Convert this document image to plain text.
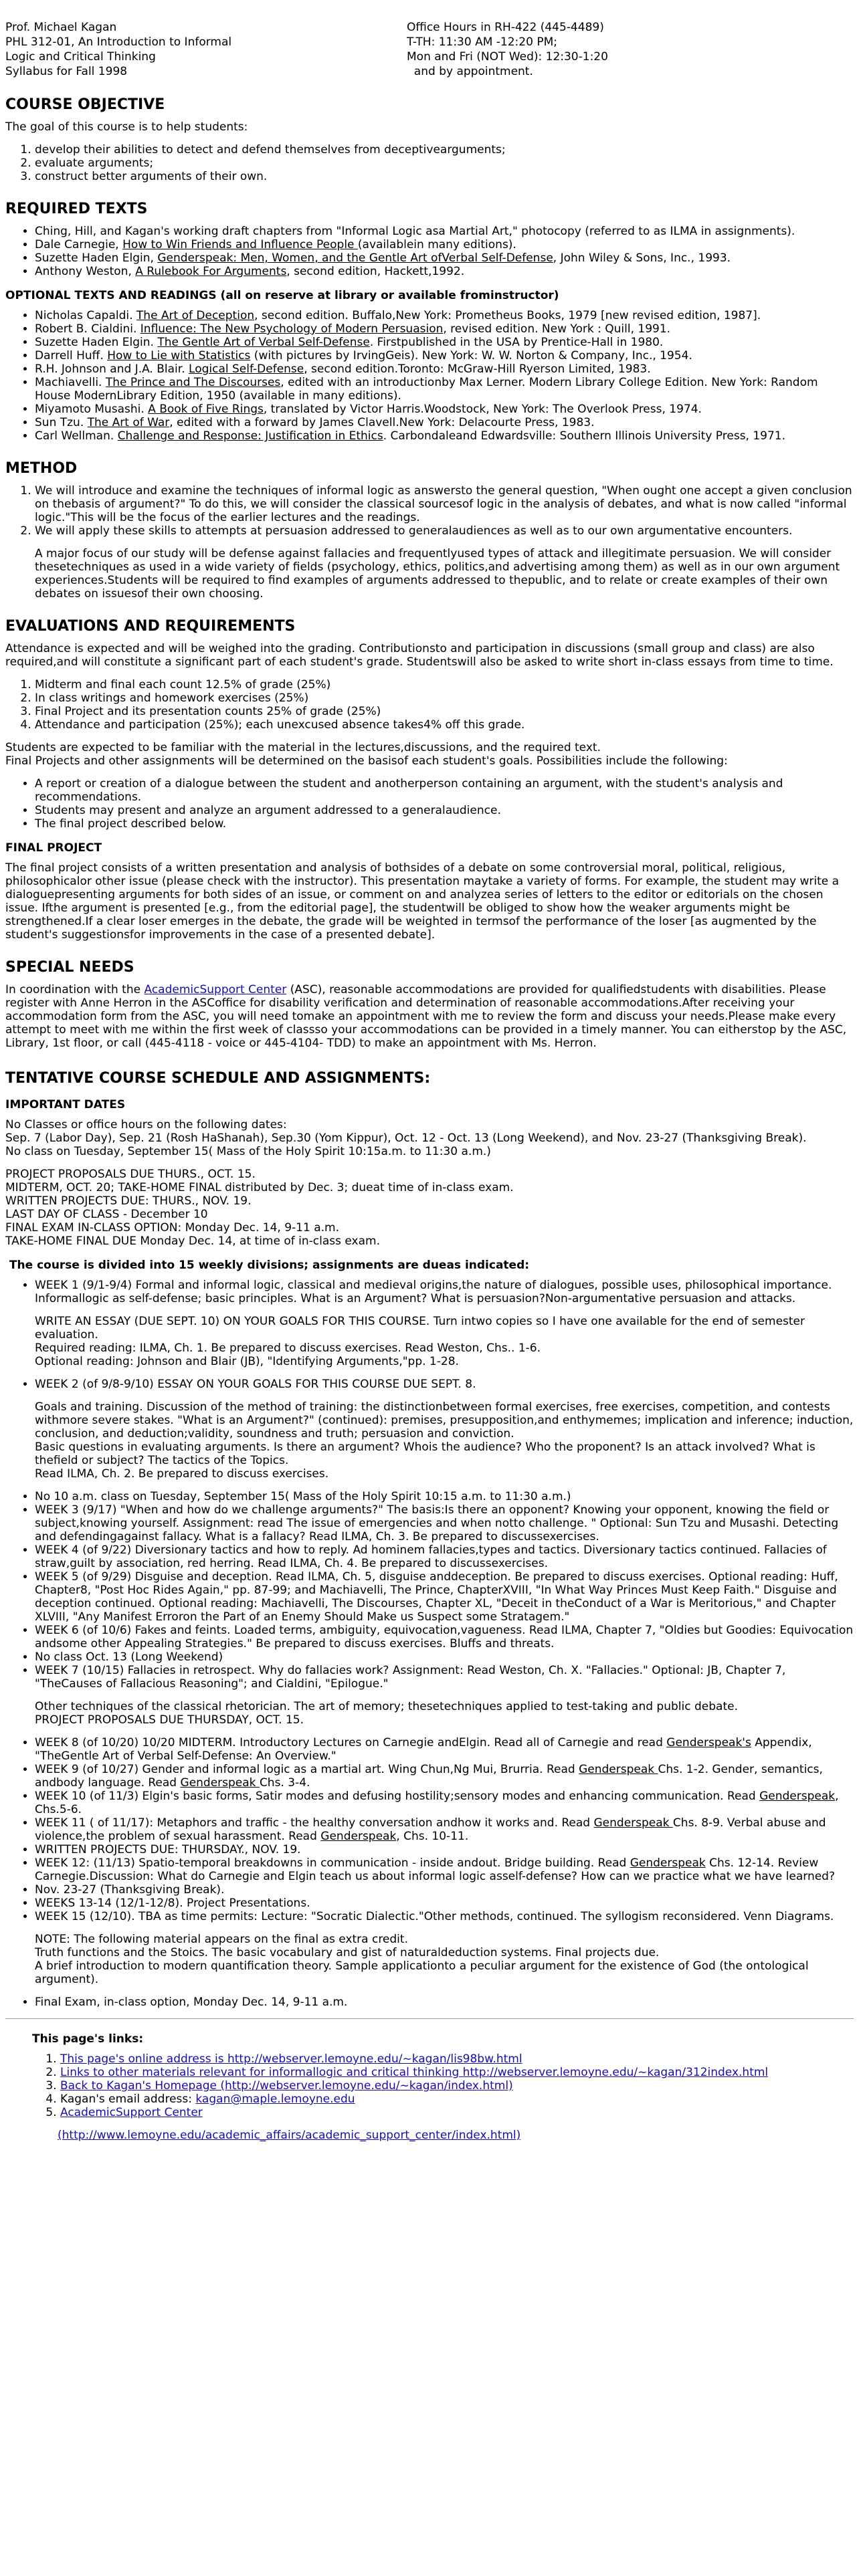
Prof. Michael Kagan
PHL 312-01, An Introduction to Informal
Logic and Critical Thinking
Syllabus for Fall 1998
Office Hours in RH-422 (445-4489)
T-TH: 11:30 AM -12:20 PM;
Mon and Fri (NOT Wed): 12:30-1:20
and by appointment.
COURSE OBJECTIVE

The goal of this course is to help students:

1. develop their abilities to detect and defend themselves from deceptivearguments;
2. evaluate arguments;
3. construct better arguments of their own.
REQUIRED TEXTS
• Ching, Hill, and Kagan's working draft chapters from "Informal Logic asa Martial Art," photocopy (referred to as ILMA in assignments).
• Dale Carnegie, How to Win Friends and Influence People (availablein many editions).
• Suzette Haden Elgin, Genderspeak: Men, Women, and the Gentle Art ofVerbal Self-Defense, John Wiley & Sons, Inc., 1993.
• Anthony Weston, A Rulebook For Arguments, second edition, Hackett,1992.
OPTIONAL TEXTS AND READINGS (all on reserve at library or available frominstructor)
• Nicholas Capaldi. The Art of Deception, second edition. Buffalo,New York: Prometheus Books, 1979 [new revised edition, 1987].
• Robert B. Cialdini. Influence: The New Psychology of Modern Persuasion, revised edition. New York : Quill, 1991.
• Suzette Haden Elgin. The Gentle Art of Verbal Self-Defense. Firstpublished in the USA by Prentice-Hall in 1980.
• Darrell Huff. How to Lie with Statistics (with pictures by IrvingGeis). New York: W. W. Norton & Company, Inc., 1954.
• R.H. Johnson and J.A. Blair. Logical Self-Defense, second edition.Toronto: McGraw-Hill Ryerson Limited, 1983.
• Machiavelli. The Prince and The Discourses, edited with an introductionby Max Lerner. Modern Library College Edition. New York: Random House ModernLibrary Edition, 1950 (available in many editions).
• Miyamoto Musashi. A Book of Five Rings, translated by Victor Harris.Woodstock, New York: The Overlook Press, 1974.
• Sun Tzu. The Art of War, edited with a forward by James Clavell.New York: Delacourte Press, 1983.
• Carl Wellman. Challenge and Response: Justification in Ethics. Carbondaleand Edwardsville: Southern Illinois University Press, 1971.
METHOD
1. We will introduce and examine the techniques of informal logic as answersto the general question, "When ought one accept a given conclusion on thebasis of argument?" To do this, we will consider the classical sourcesof logic in the analysis of debates, and what is now called "informal logic."This will be the focus of the earlier lectures and the readings.
2. We will apply these skills to attempts at persuasion addressed to generalaudiences as well as to our own argumentative encounters.

A major focus of our study will be defense against fallacies and frequentlyused types of attack and illegitimate persuasion. We will consider thesetechniques as used in a wide variety of fields (psychology, ethics, politics,and advertising among them) as well as in our own argument experiences.Students will be required to find examples of arguments addressed to thepublic, and to relate or create examples of their own debates on issuesof their own choosing.

EVALUATIONS AND REQUIREMENTS

Attendance is expected and will be weighed into the grading. Contributionsto and participation in discussions (small group and class) are also required,and will constitute a significant part of each student's grade. Studentswill also be asked to write short in-class essays from time to time.

1. Midterm and final each count 12.5% of grade (25%)
2. In class writings and homework exercises (25%)
3. Final Project and its presentation counts 25% of grade (25%)
4. Attendance and participation (25%); each unexcused absence takes4% off this grade.

Students are expected to be familiar with the material in the lectures,discussions, and the required text.
Final Projects and other assignments will be determined on the basisof each student's goals. Possibilities include the following:

• A report or creation of a dialogue between the student and anotherperson containing an argument, with the student's analysis and recommendations.
• Students may present and analyze an argument addressed to a generalaudience.
• The final project described below.
FINAL PROJECT

The final project consists of a written presentation and analysis of bothsides of a debate on some controversial moral, political, religious, philosophicalor other issue (please check with the instructor). This presentation maytake a variety of forms. For example, the student may write a dialoguepresenting arguments for both sides of an issue, or comment on and analyzea series of letters to the editor or editorials on the chosen issue. Ifthe argument is presented [e.g., from the editorial page], the studentwill be obliged to show how the weaker arguments might be strengthened.If a clear loser emerges in the debate, the grade will be weighted in termsof the performance of the loser [as augmented by the student's suggestionsfor improvements in the case of a presented debate].

SPECIAL NEEDS

In coordination with the AcademicSupport Center (ASC), reasonable accommodations are provided for qualifiedstudents with disabilities. Please register with Anne Herron in the ASCoffice for disability verification and determination of reasonable accommodations.After receiving your accommodation form from the ASC, you will need tomake an appointment with me to review the form and discuss your needs.Please make every attempt to meet with me within the first week of classso your accommodations can be provided in a timely manner. You can eitherstop by the ASC, Library, 1st floor, or call (445-4118 - voice or 445-4104- TDD) to make an appointment with Ms. Herron.

TENTATIVE COURSE SCHEDULE AND ASSIGNMENTS:
IMPORTANT DATES

No Classes or office hours on the following dates:
Sep. 7 (Labor Day), Sep. 21 (Rosh HaShanah), Sep.30 (Yom Kippur), Oct. 12 - Oct. 13 (Long Weekend), and Nov. 23-27 (Thanksgiving Break).
No class on Tuesday, September 15( Mass of the Holy Spirit 10:15a.m. to 11:30 a.m.)

PROJECT PROPOSALS DUE THURS., OCT. 15.
MIDTERM, OCT. 20; TAKE-HOME FINAL distributed by Dec. 3; dueat time of in-class exam.
WRITTEN PROJECTS DUE: THURS., NOV. 19.
LAST DAY OF CLASS - December 10
FINAL EXAM IN-CLASS OPTION: Monday Dec. 14, 9-11 a.m.
TAKE-HOME FINAL DUE Monday Dec. 14, at time of in-class exam.

The course is divided into 15 weekly divisions; assignments are dueas indicated:
• WEEK 1 (9/1-9/4) Formal and informal logic, classical and medieval origins,the nature of dialogues, possible uses, philosophical importance. Informallogic as self-defense; basic principles. What is an Argument? What is persuasion?Non-argumentative persuasion and attacks.
WRITE AN ESSAY (DUE SEPT. 10) ON YOUR GOALS FOR THIS COURSE. Turn intwo copies so I have one available for the end of semester evaluation.
Required reading: ILMA, Ch. 1. Be prepared to discuss exercises. Read Weston, Chs.. 1-6.
Optional reading: Johnson and Blair (JB), "Identifying Arguments,"pp. 1-28.
• WEEK 2 (of 9/8-9/10) ESSAY ON YOUR GOALS FOR THIS COURSE DUE SEPT. 8.
Goals and training. Discussion of the method of training: the distinctionbetween formal exercises, free exercises, competition, and contests withmore severe stakes. "What is an Argument?" (continued): premises, presupposition,and enthymemes; implication and inference; induction, conclusion, and deduction;validity, soundness and truth; persuasion and conviction.
Basic questions in evaluating arguments. Is there an argument? Whois the audience? Who the proponent? Is an attack involved? What is thefield or subject? The tactics of the Topics.
Read ILMA, Ch. 2. Be prepared to discuss exercises.
• No 10 a.m. class on Tuesday, September 15( Mass of the Holy Spirit 10:15 a.m. to 11:30 a.m.)
• WEEK 3 (9/17) "When and how do we challenge arguments?" The basis:Is there an opponent? Knowing your opponent, knowing the field or subject,knowing yourself. Assignment: read The issue of emergencies and when notto challenge. " Optional: Sun Tzu and Musashi. Detecting and defendingagainst fallacy. What is a fallacy? Read ILMA, Ch. 3. Be prepared to discussexercises.
• WEEK 4 (of 9/22) Diversionary tactics and how to reply. Ad hominem fallacies,types and tactics. Diversionary tactics continued. Fallacies of straw,guilt by association, red herring. Read ILMA, Ch. 4. Be prepared to discussexercises.
• WEEK 5 (of 9/29) Disguise and deception. Read ILMA, Ch. 5, disguise anddeception. Be prepared to discuss exercises. Optional reading: Huff, Chapter8, "Post Hoc Rides Again," pp. 87-99; and Machiavelli, The Prince, ChapterXVIII, "In What Way Princes Must Keep Faith." Disguise and deception continued. Optional reading: Machiavelli, The Discourses, Chapter XL, "Deceit in theConduct of a War is Meritorious," and Chapter XLVIII, "Any Manifest Erroron the Part of an Enemy Should Make us Suspect some Stratagem."
• WEEK 6 (of 10/6) Fakes and feints. Loaded terms, ambiguity, equivocation,vagueness. Read ILMA, Chapter 7, "Oldies but Goodies: Equivocation andsome other Appealing Strategies." Be prepared to discuss exercises. Bluffs and threats.
• No class Oct. 13 (Long Weekend)
• WEEK 7 (10/15) Fallacies in retrospect. Why do fallacies work? Assignment: Read Weston, Ch. X. "Fallacies." Optional: JB, Chapter 7, "TheCauses of Fallacious Reasoning"; and Cialdini, "Epilogue."
Other techniques of the classical rhetorician. The art of memory; thesetechniques applied to test-taking and public debate.
PROJECT PROPOSALS DUE THURSDAY, OCT. 15.
• WEEK 8 (of 10/20) 10/20 MIDTERM. Introductory Lectures on Carnegie andElgin. Read all of Carnegie and read Genderspeak's Appendix, "TheGentle Art of Verbal Self-Defense: An Overview."
• WEEK 9 (of 10/27) Gender and informal logic as a martial art. Wing Chun,Ng Mui, Brurria. Read Genderspeak Chs. 1-2. Gender, semantics, andbody language. Read Genderspeak Chs. 3-4.
• WEEK 10 (of 11/3) Elgin's basic forms, Satir modes and defusing hostility;sensory modes and enhancing communication. Read Genderspeak, Chs.5-6.
• WEEK 11 ( of 11/17): Metaphors and traffic - the healthy conversation andhow it works and. Read Genderspeak Chs. 8-9. Verbal abuse and violence,the problem of sexual harassment. Read Genderspeak, Chs. 10-11.
• WRITTEN PROJECTS DUE: THURSDAY., NOV. 19.
• WEEK 12: (11/13) Spatio-temporal breakdowns in communication - inside andout. Bridge building. Read Genderspeak Chs. 12-14. Review Carnegie.Discussion: What do Carnegie and Elgin teach us about informal logic asself-defense? How can we practice what we have learned?
• Nov. 23-27 (Thanksgiving Break).
• WEEKS 13-14 (12/1-12/8). Project Presentations.
• WEEK 15 (12/10). TBA as time permits: Lecture: "Socratic Dialectic."Other methods, continued. The syllogism reconsidered. Venn Diagrams.
NOTE: The following material appears on the final as extra credit.
Truth functions and the Stoics. The basic vocabulary and gist of naturaldeduction systems. Final projects due.
A brief introduction to modern quantification theory. Sample applicationto a peculiar argument for the existence of God (the ontological argument).
• Final Exam, in-class option, Monday Dec. 14, 9-11 a.m.
This page's links:
1. This page's online address is http://webserver.lemoyne.edu/~kagan/lis98bw.html
2. Links to other materials relevant for informallogic and critical thinking http://webserver.lemoyne.edu/~kagan/312index.html
3. Back to Kagan's Homepage (http://webserver.lemoyne.edu/~kagan/index.html)
4. Kagan's email address: kagan@maple.lemoyne.edu
5. AcademicSupport Center
(http://www.lemoyne.edu/academic_affairs/academic_support_center/index.html)
